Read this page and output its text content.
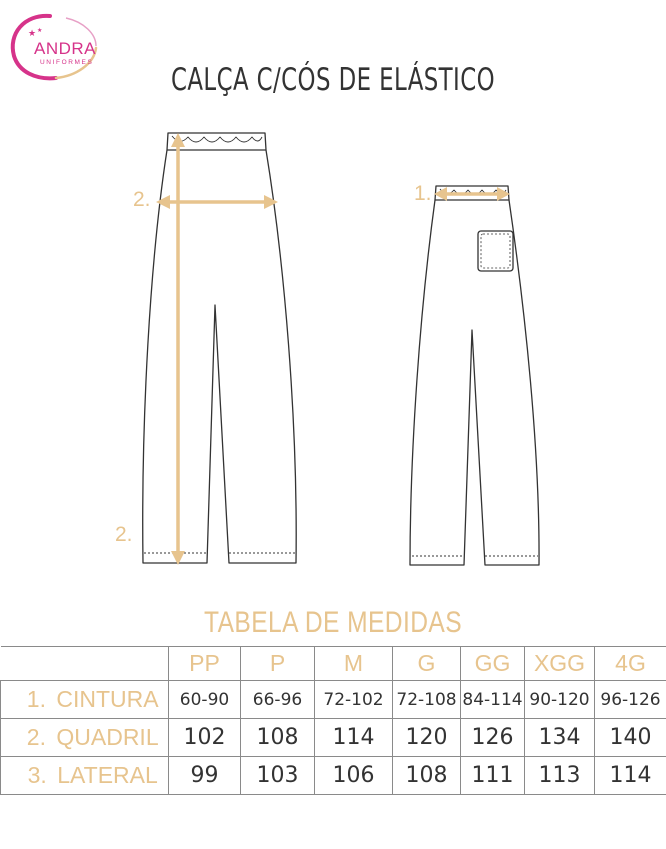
★ ★
ANDRA
UNIFORMES	CALÇA C/CÓS DE ELÁSTICO
2.	1.
2.
TABELA DE MEDIDAS
	PP	P	M	G	GG	XGG	4G
1. CINTURA	60-90	66-96	72-102	72-108	84-114	90-120	96-126
2. QUADRIL	102	108	114	120	126	134	140
3. LATERAL	99	103	106	108	111	113	114
